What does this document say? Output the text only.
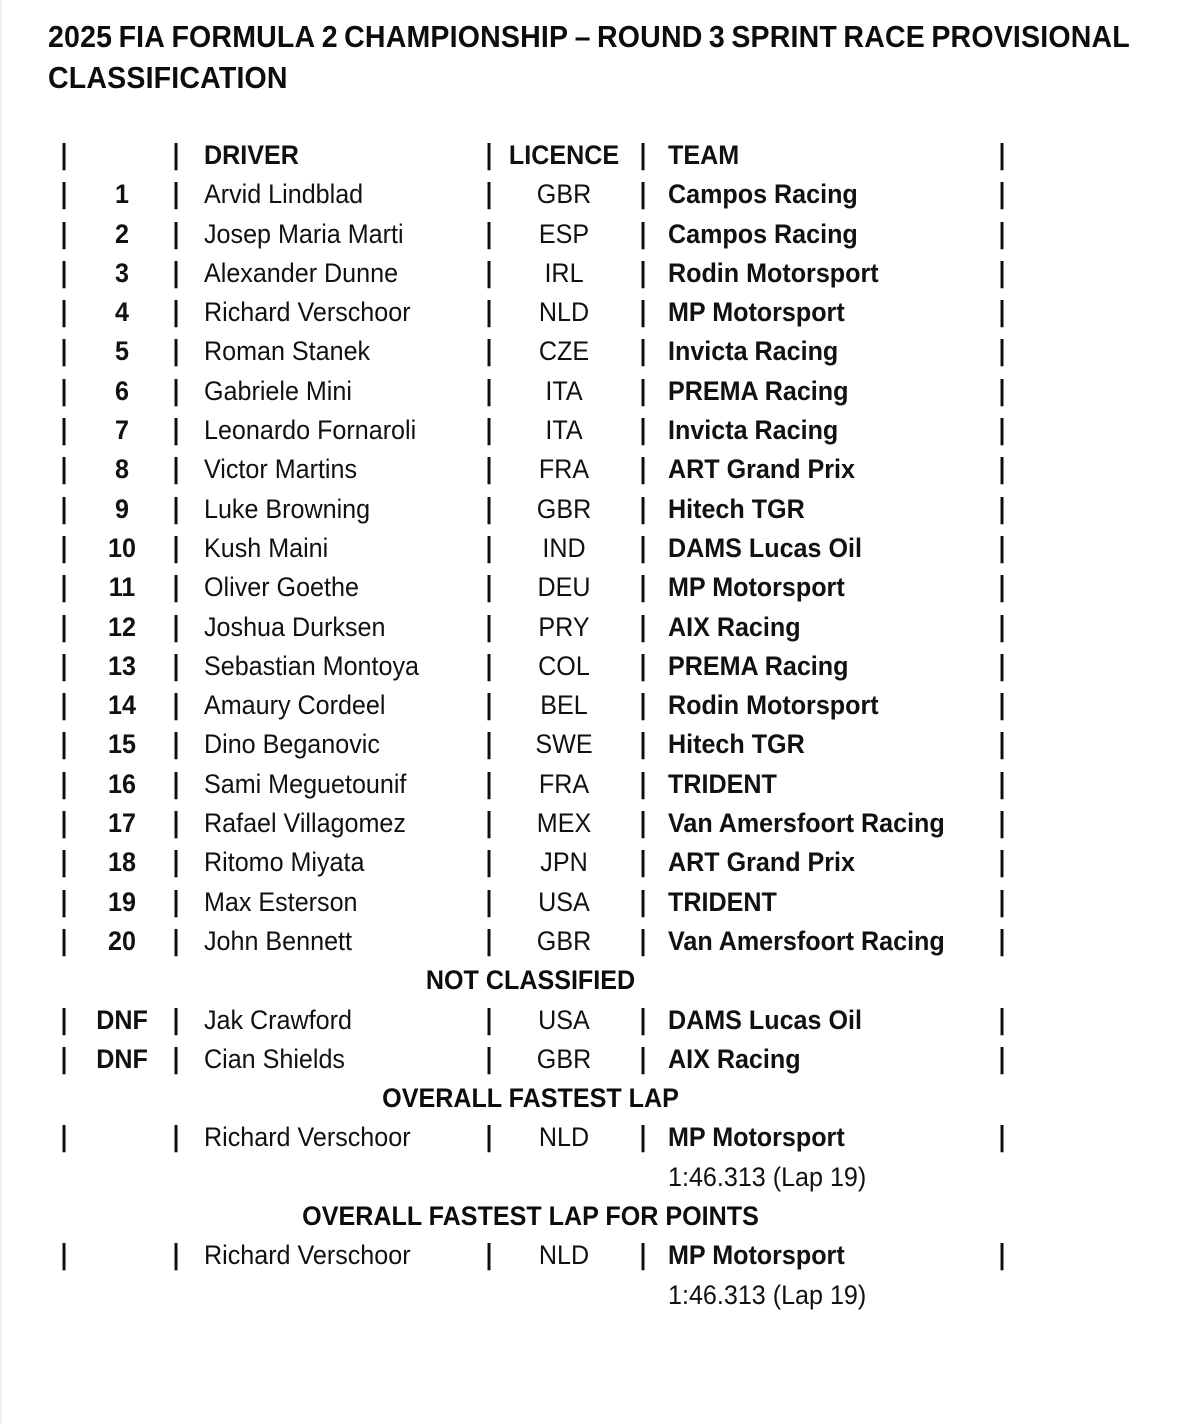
2025 FIA FORMULA 2 CHAMPIONSHIP – ROUND 3 SPRINT RACE PROVISIONAL
CLASSIFICATION
|	| DRIVER	| LICENCE | TEAM	|
|	1	| Arvid Lindblad	|	GBR	| Campos Racing	|
|	2	| Josep Maria Marti	|	ESP	| Campos Racing	|
|	3	| Alexander Dunne	|	IRL	| Rodin Motorsport	|
|	4	| Richard Verschoor	|	NLD	| MP Motorsport	|
|	5	| Roman Stanek	|	CZE	| Invicta Racing	|
|	6	| Gabriele Mini	|	ITA	| PREMA Racing	|
|	7	| Leonardo Fornaroli	|	ITA	| Invicta Racing	|
|	8	| Victor Martins	|	FRA	| ART Grand Prix	|
|	9	| Luke Browning	|	GBR	| Hitech TGR	|
|	10	| Kush Maini	|	IND	| DAMS Lucas Oil	|
|	11	| Oliver Goethe	|	DEU	| MP Motorsport	|
|	12	| Joshua Durksen	|	PRY	| AIX Racing	|
|	13	| Sebastian Montoya	|	COL	| PREMA Racing	|
|	14	| Amaury Cordeel	|	BEL	| Rodin Motorsport	|
|	15	| Dino Beganovic	|	SWE	| Hitech TGR	|
|	16	| Sami Meguetounif	|	FRA	| TRIDENT	|
|	17	| Rafael Villagomez	|	MEX	| Van Amersfoort Racing	|
|	18	| Ritomo Miyata	|	JPN	| ART Grand Prix	|
|	19	| Max Esterson	|	USA	| TRIDENT	|
|	20	| John Bennett	|	GBR	| Van Amersfoort Racing	|
NOT CLASSIFIED
|	DNF | Jak Crawford	|	USA	| DAMS Lucas Oil	|
|	DNF | Cian Shields	|	GBR	| AIX Racing	|
OVERALL FASTEST LAP
|	| Richard Verschoor	|	NLD	| MP Motorsport	|
1:46.313 (Lap 19)
OVERALL FASTEST LAP FOR POINTS
|	| Richard Verschoor	|	NLD	| MP Motorsport	|
1:46.313 (Lap 19)
